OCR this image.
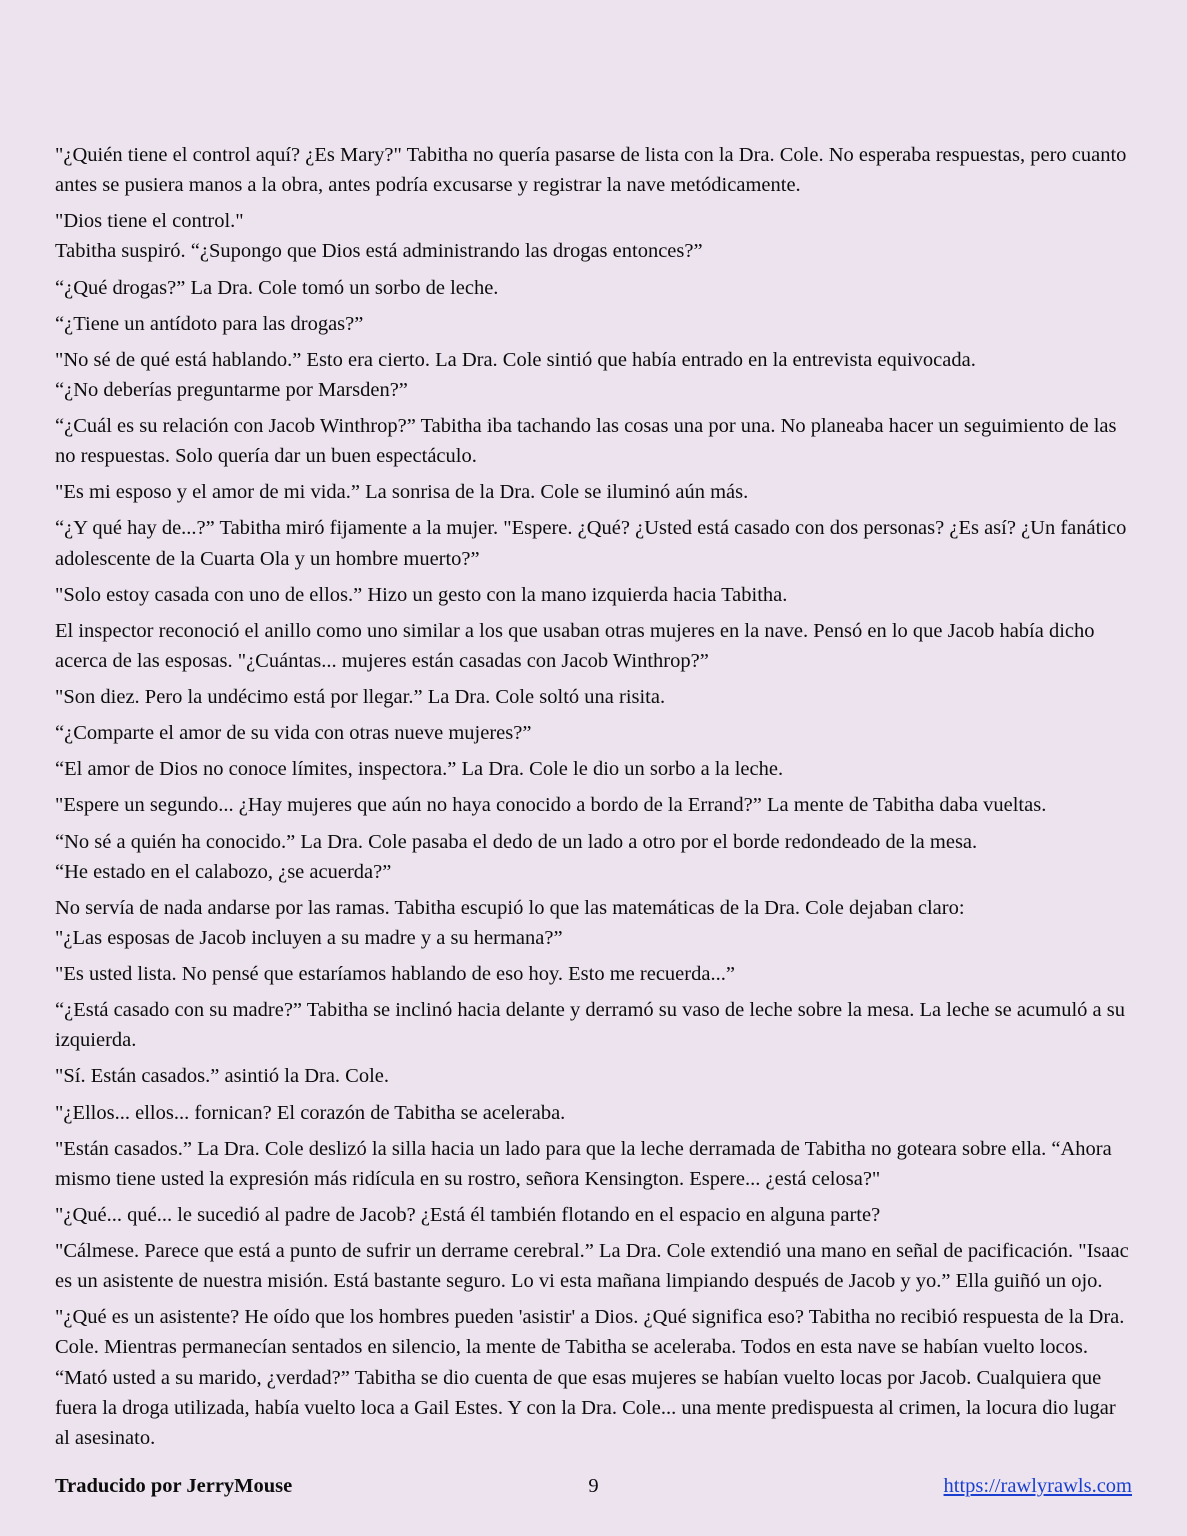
"¿Quién tiene el control aquí? ¿Es Mary?" Tabitha no quería pasarse de lista con la Dra. Cole. No esperaba respuestas, pero cuanto antes se pusiera manos a la obra, antes podría excusarse y registrar la nave metódicamente.

"Dios tiene el control."

Tabitha suspiró. “¿Supongo que Dios está administrando las drogas entonces?”

“¿Qué drogas?” La Dra. Cole tomó un sorbo de leche.

“¿Tiene un antídoto para las drogas?”

"No sé de qué está hablando.” Esto era cierto. La Dra. Cole sintió que había entrado en la entrevista equivocada.

“¿No deberías preguntarme por Marsden?”

“¿Cuál es su relación con Jacob Winthrop?” Tabitha iba tachando las cosas una por una. No planeaba hacer un seguimiento de las no respuestas. Solo quería dar un buen espectáculo.

"Es mi esposo y el amor de mi vida.” La sonrisa de la Dra. Cole se iluminó aún más.

“¿Y qué hay de...?” Tabitha miró fijamente a la mujer. "Espere. ¿Qué? ¿Usted está casado con dos personas? ¿Es así? ¿Un fanático adolescente de la Cuarta Ola y un hombre muerto?”

"Solo estoy casada con uno de ellos.” Hizo un gesto con la mano izquierda hacia Tabitha.

El inspector reconoció el anillo como uno similar a los que usaban otras mujeres en la nave. Pensó en lo que Jacob había dicho acerca de las esposas. "¿Cuántas... mujeres están casadas con Jacob Winthrop?”

"Son diez. Pero la undécimo está por llegar.” La Dra. Cole soltó una risita.

“¿Comparte el amor de su vida con otras nueve mujeres?”

“El amor de Dios no conoce límites, inspectora.” La Dra. Cole le dio un sorbo a la leche.

"Espere un segundo... ¿Hay mujeres que aún no haya conocido a bordo de la Errand?” La mente de Tabitha daba vueltas.

“No sé a quién ha conocido.” La Dra. Cole pasaba el dedo de un lado a otro por el borde redondeado de la mesa.

“He estado en el calabozo, ¿se acuerda?”

No servía de nada andarse por las ramas. Tabitha escupió lo que las matemáticas de la Dra. Cole dejaban claro:

"¿Las esposas de Jacob incluyen a su madre y a su hermana?”

"Es usted lista. No pensé que estaríamos hablando de eso hoy. Esto me recuerda...”

“¿Está casado con su madre?” Tabitha se inclinó hacia delante y derramó su vaso de leche sobre la mesa. La leche se acumuló a su izquierda.

"Sí. Están casados.” asintió la Dra. Cole.

"¿Ellos... ellos... fornican? El corazón de Tabitha se aceleraba.

"Están casados.” La Dra. Cole deslizó la silla hacia un lado para que la leche derramada de Tabitha no goteara sobre ella. “Ahora mismo tiene usted la expresión más ridícula en su rostro, señora Kensington. Espere... ¿está celosa?"

"¿Qué... qué... le sucedió al padre de Jacob? ¿Está él también flotando en el espacio en alguna parte?

"Cálmese. Parece que está a punto de sufrir un derrame cerebral.” La Dra. Cole extendió una mano en señal de pacificación. "Isaac es un asistente de nuestra misión. Está bastante seguro. Lo vi esta mañana limpiando después de Jacob y yo.” Ella guiñó un ojo.

"¿Qué es un asistente? He oído que los hombres pueden 'asistir' a Dios. ¿Qué significa eso? Tabitha no recibió respuesta de la Dra. Cole. Mientras permanecían sentados en silencio, la mente de Tabitha se aceleraba. Todos en esta nave se habían vuelto locos. “Mató usted a su marido, ¿verdad?” Tabitha se dio cuenta de que esas mujeres se habían vuelto locas por Jacob. Cualquiera que fuera la droga utilizada, había vuelto loca a Gail Estes. Y con la Dra. Cole... una mente predispuesta al crimen, la locura dio lugar al asesinato.

Traducido por JerryMouse	9	https://rawlyrawls.com
